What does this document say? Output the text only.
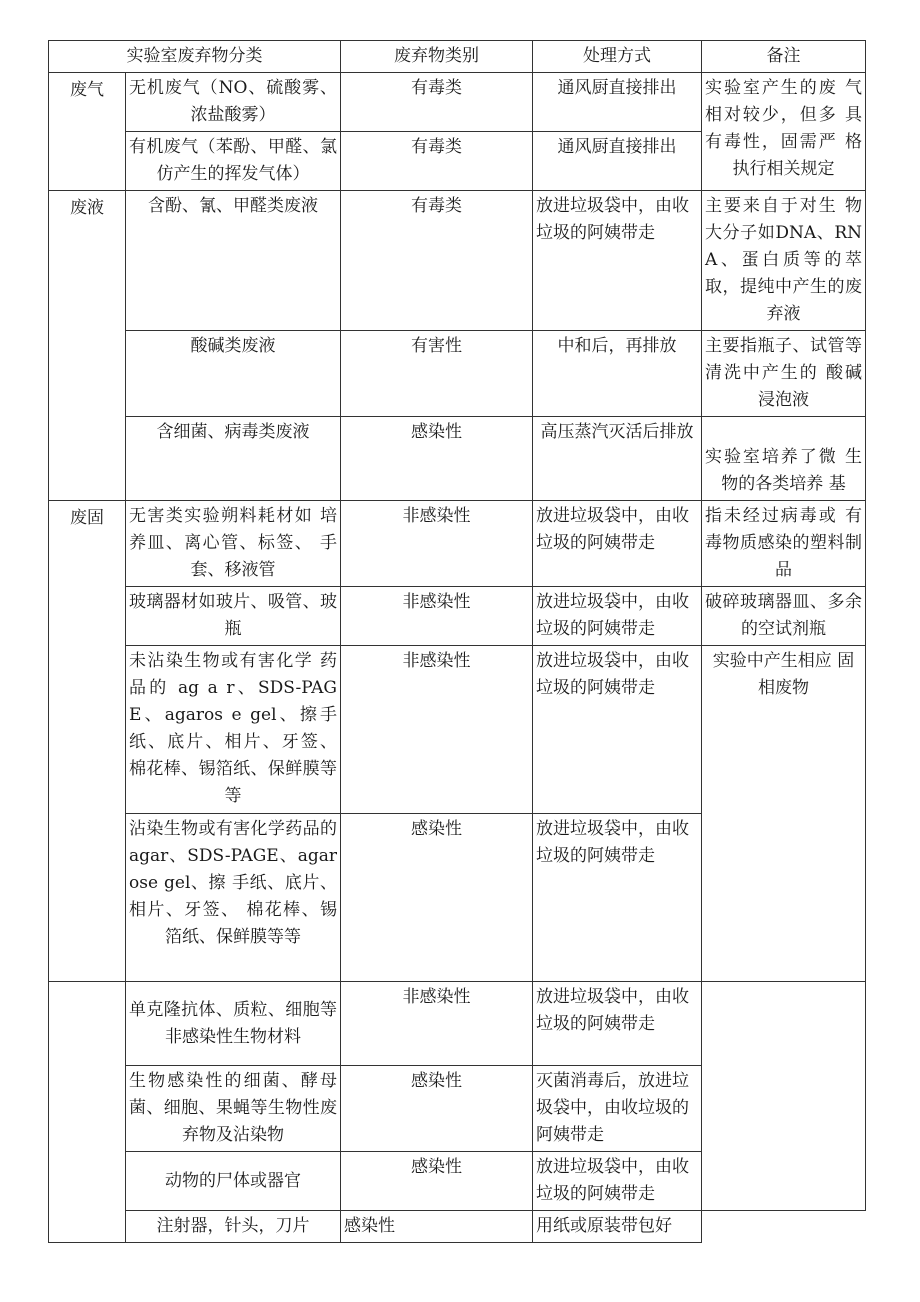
实验室废弃物分类		废弃物类别	处理方式	备注
废气	无机废气（NO、硫酸雾、浓盐酸雾）	有毒类	通风厨直接排出	实验室产生的废 气相对较少，但多 具有毒性，固需严 格执行相关规定
	有机废气（苯酚、甲醛、氯仿产生的挥发气体）	有毒类	通风厨直接排出	
废液	含酚、氰、甲醛类废液	有毒类	放进垃圾袋中，由收垃圾的阿姨带走	主要来自于对生 物大分子如DNA、RNA、蛋白质等的萃取，提纯中产生的废弃液
	酸碱类废液	有害性	中和后，再排放	主要指瓶子、试管等清洗中产生的 酸碱浸泡液
	含细菌、病毒类废液	感染性	高压蒸汽灭活后排放	实验室培养了微 生物的各类培养 基
废固	无害类实验朔料耗材如 培养皿、离心管、标签、 手套、移液管	非感染性	放进垃圾袋中，由收垃圾的阿姨带走	指未经过病毒或 有毒物质感染的塑料制品
	玻璃器材如玻片、吸管、玻瓶	非感染性	放进垃圾袋中，由收垃圾的阿姨带走	破碎玻璃器皿、多余的空试剂瓶
	未沾染生物或有害化学 药品的 ag a r、SDS-PAGE、agaros e gel、擦手 纸、底片、相片、牙签、 棉花棒、锡箔纸、保鲜膜等等	非感染性	放进垃圾袋中，由收垃圾的阿姨带走	实验中产生相应 固相废物
	沾染生物或有害化学药品的 agar、SDS-PAGE、agarose gel、擦 手纸、底片、相片、牙签、 棉花棒、锡箔纸、保鲜膜等等	感染性	放进垃圾袋中，由收垃圾的阿姨带走	
	单克隆抗体、质粒、细胞等非感染性生物材料	非感染性	放进垃圾袋中，由收垃圾的阿姨带走	
	生物感染性的细菌、酵母菌、细胞、果蝇等生物性废弃物及沾染物	感染性	灭菌消毒后，放进垃圾袋中，由收垃圾的阿姨带走	
	动物的尸体或器官	感染性	放进垃圾袋中，由收垃圾的阿姨带走	
	注射器，针头，刀片	感染性	用纸或原装带包好	
